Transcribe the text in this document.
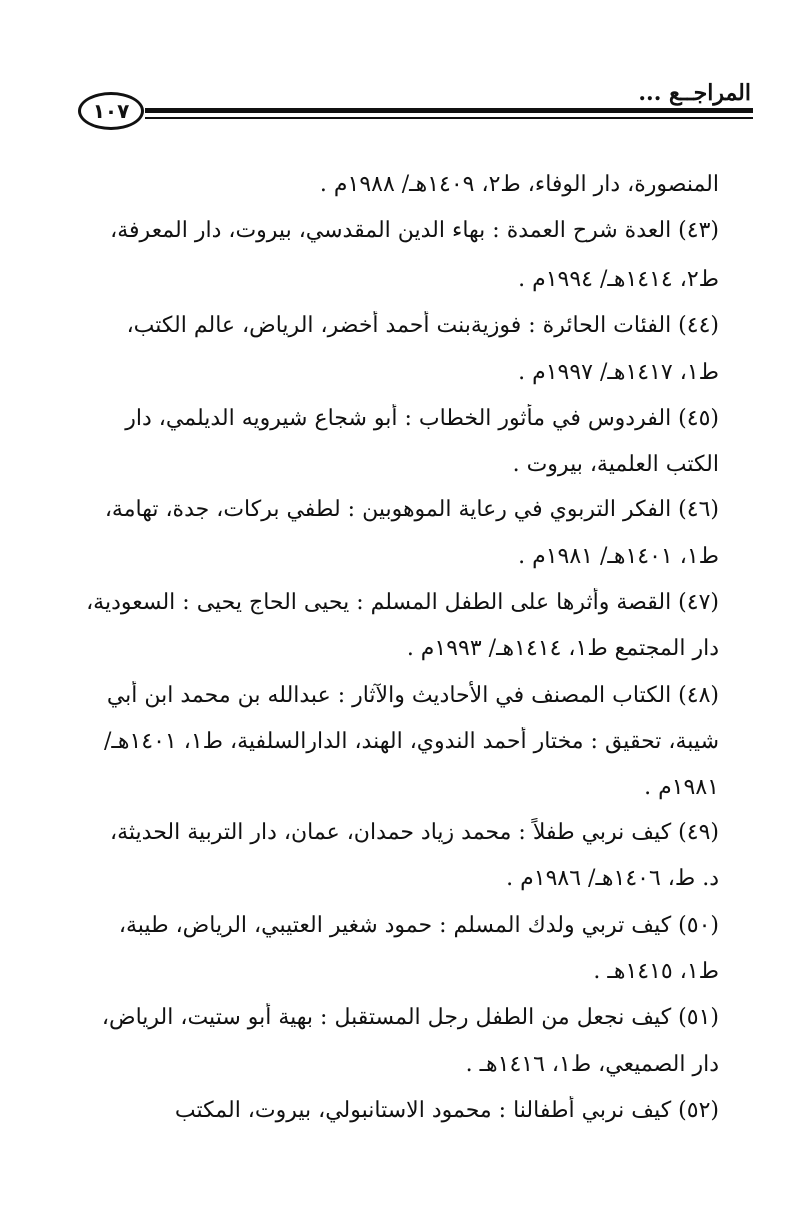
المراجــع ...
١٠٧
المنصورة، دار الوفاء، ط٢، ١٤٠٩هـ/ ١٩٨٨م .
(٤٣) العدة شرح العمدة : بهاء الدين المقدسي، بيروت، دار المعرفة،
ط٢، ١٤١٤هـ/ ١٩٩٤م .
(٤٤) الفئات الحائرة : فوزيةبنت أحمد أخضر، الرياض، عالم الكتب،
ط١، ١٤١٧هـ/ ١٩٩٧م .
(٤٥) الفردوس في مأثور الخطاب : أبو شجاع شيرويه الديلمي، دار
الكتب العلمية، بيروت .
(٤٦) الفكر التربوي في رعاية الموهوبين : لطفي بركات، جدة، تهامة،
ط١، ١٤٠١هـ/ ١٩٨١م .
(٤٧) القصة وأثرها على الطفل المسلم : يحيى الحاج يحيى : السعودية،
دار المجتمع ط١، ١٤١٤هـ/ ١٩٩٣م .
(٤٨) الكتاب المصنف في الأحاديث والآثار : عبدالله بن محمد ابن أبي
شيبة، تحقيق : مختار أحمد الندوي، الهند، الدارالسلفية، ط١، ١٤٠١هـ/
١٩٨١م .
(٤٩) كيف نربي طفلاً : محمد زياد حمدان، عمان، دار التربية الحديثة،
د. ط، ١٤٠٦هـ/ ١٩٨٦م .
(٥٠) كيف تربي ولدك المسلم : حمود شغير العتيبي، الرياض، طيبة،
ط١، ١٤١٥هـ .
(٥١) كيف نجعل من الطفل رجل المستقبل : بهية أبو ستيت، الرياض،
دار الصميعي، ط١، ١٤١٦هـ .
(٥٢) كيف نربي أطفالنا : محمود الاستانبولي، بيروت، المكتب
